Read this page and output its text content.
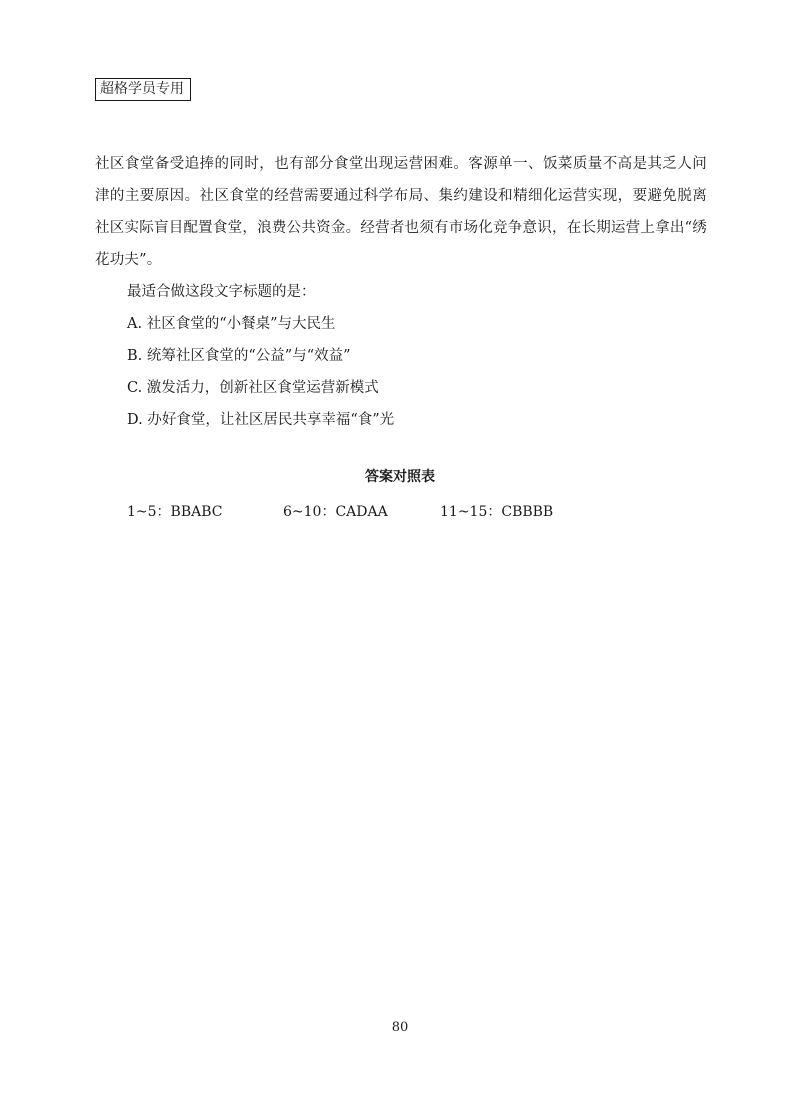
超格学员专用

社区食堂备受追捧的同时，也有部分食堂出现运营困难。客源单一、饭菜质量不高是其乏人问津的主要原因。社区食堂的经营需要通过科学布局、集约建设和精细化运营实现，要避免脱离社区实际盲目配置食堂，浪费公共资金。经营者也须有市场化竞争意识，在长期运营上拿出“绣花功夫”。

最适合做这段文字标题的是：
A. 社区食堂的“小餐桌”与大民生
B. 统筹社区食堂的“公益”与“效益”
C. 激发活力，创新社区食堂运营新模式
D. 办好食堂，让社区居民共享幸福“食”光
答案对照表
1~5：BBABC	6~10：CADAA	11~15：CBBBB
80
